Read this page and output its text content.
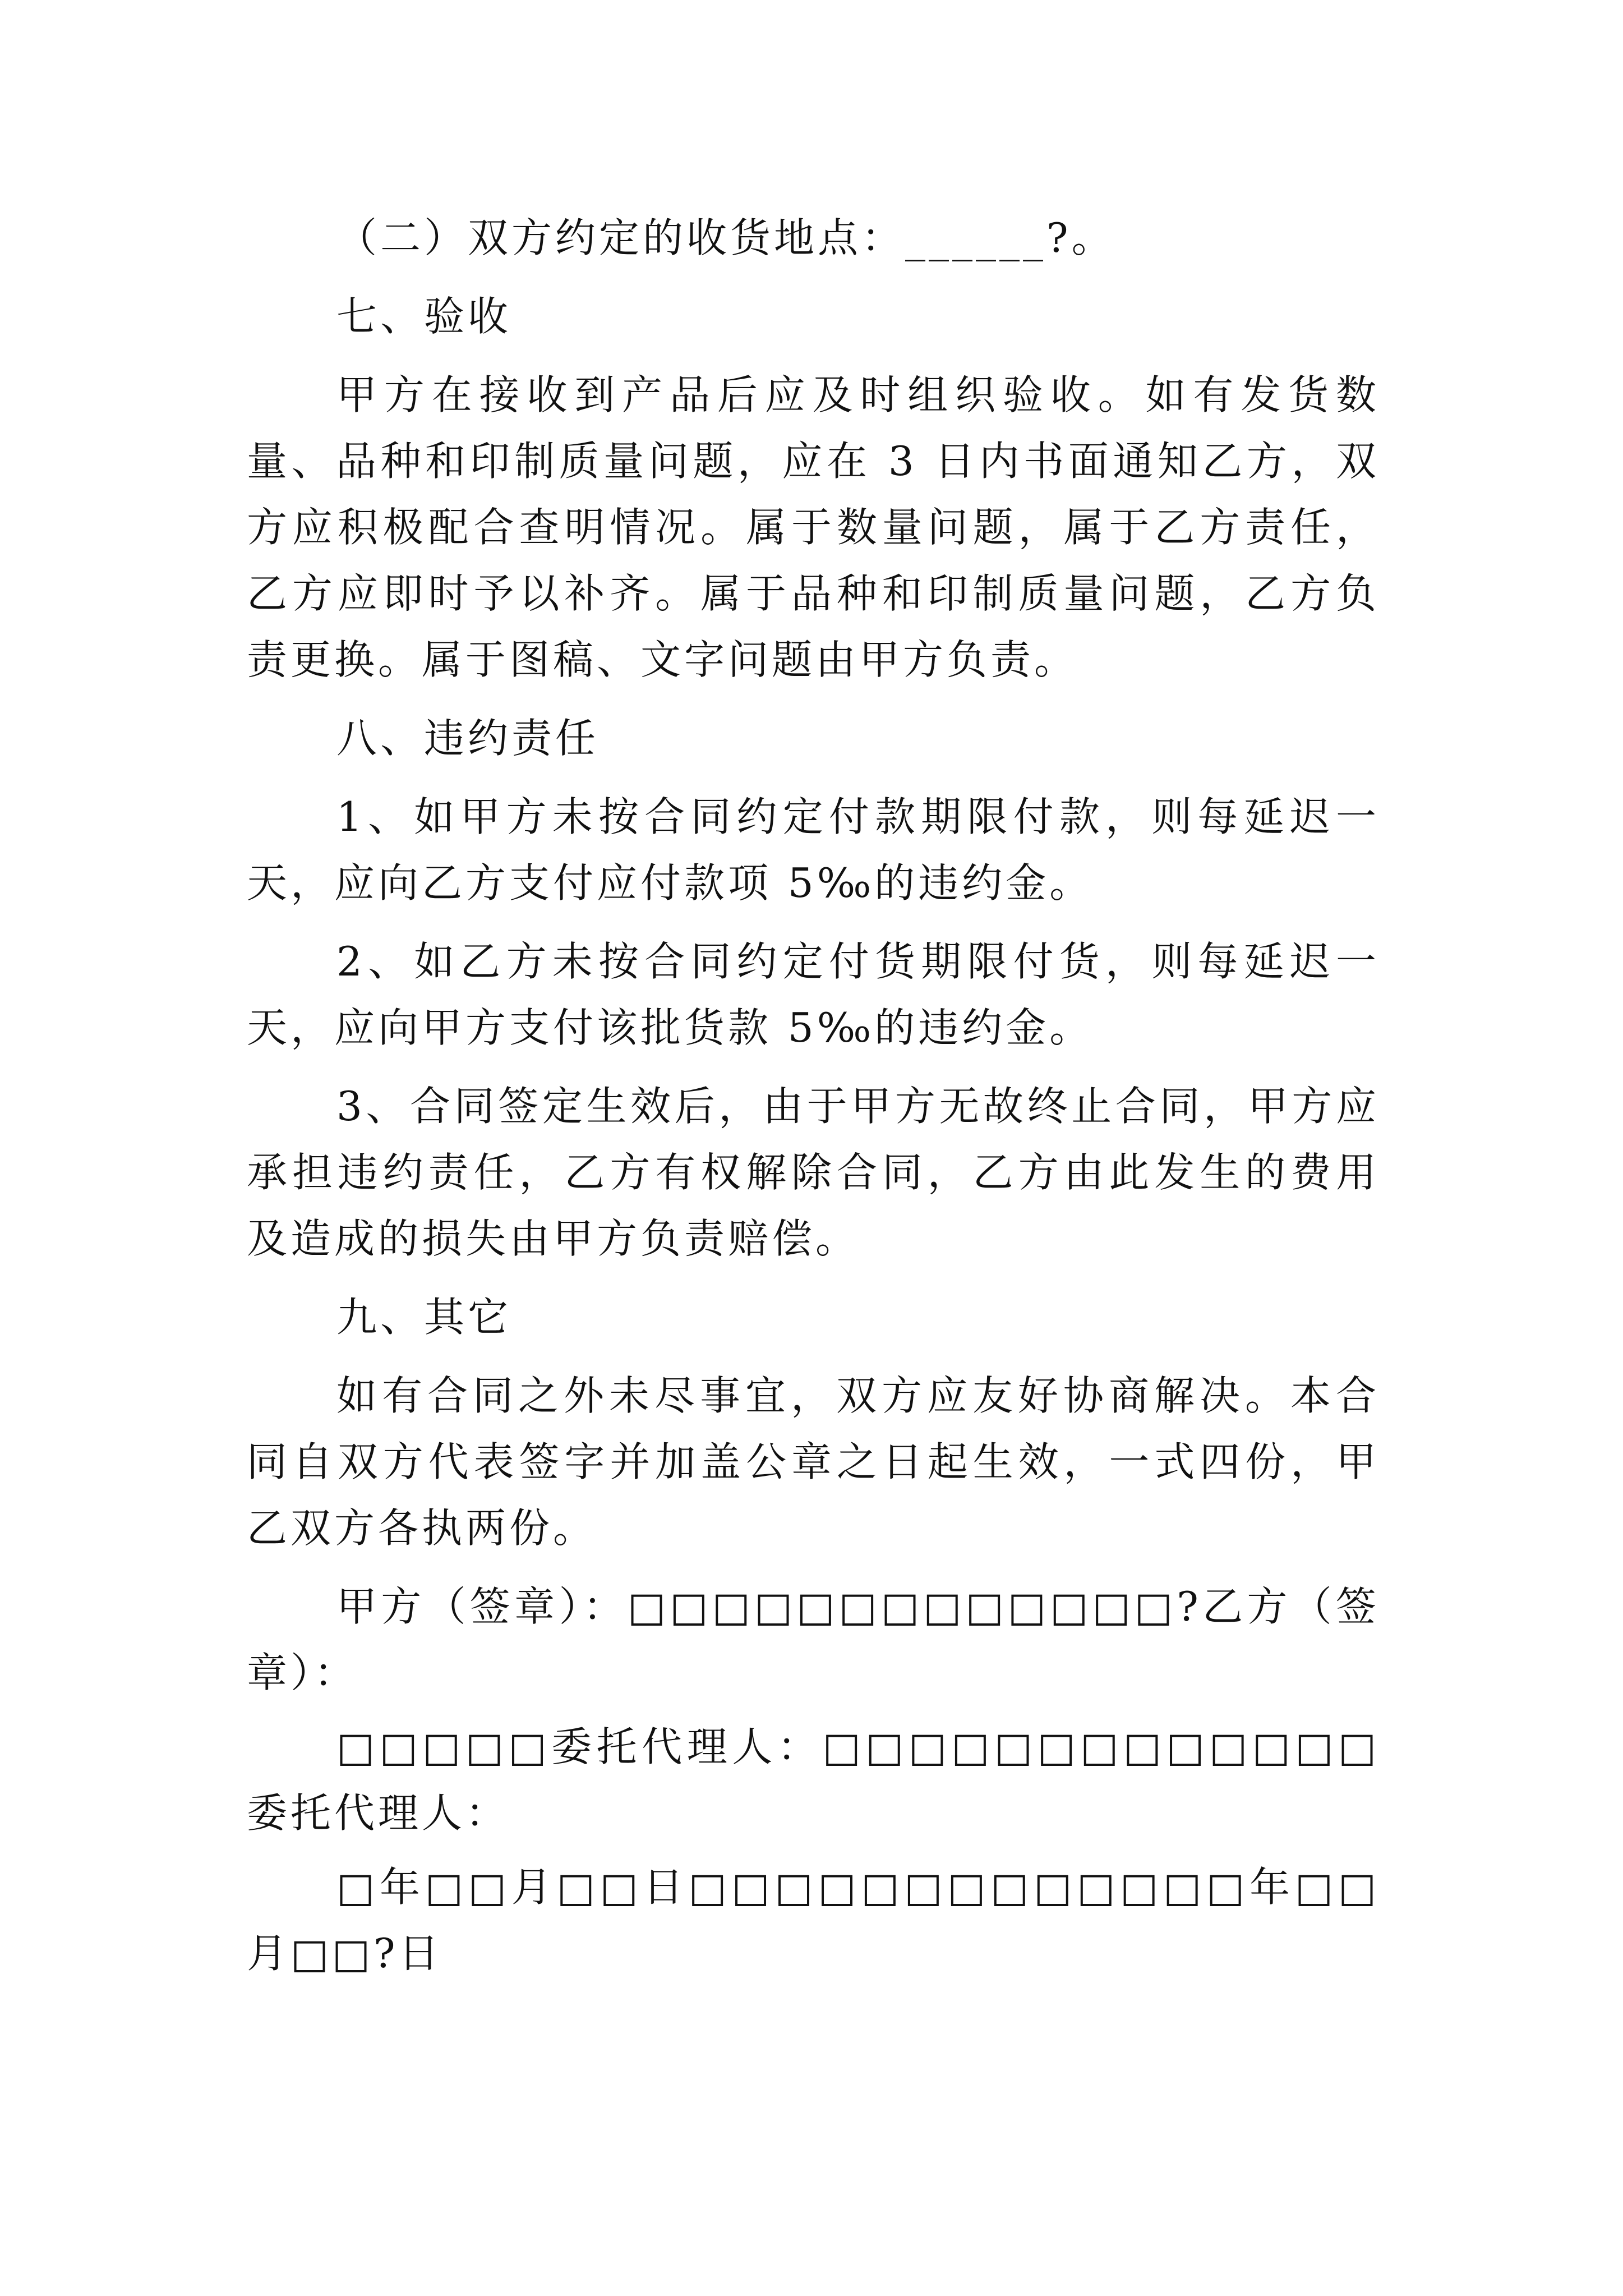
（二）双方约定的收货地点：______?。

七、验收

甲方在接收到产品后应及时组织验收。如有发货数量、品种和印制质量问题，应在 3 日内书面通知乙方，双方应积极配合查明情况。属于数量问题，属于乙方责任，乙方应即时予以补齐。属于品种和印制质量问题，乙方负责更换。属于图稿、文字问题由甲方负责。

八、违约责任

1、如甲方未按合同约定付款期限付款，则每延迟一天，应向乙方支付应付款项 5‰的违约金。

2、如乙方未按合同约定付货期限付货，则每延迟一天，应向甲方支付该批货款 5‰的违约金。

3、合同签定生效后，由于甲方无故终止合同，甲方应承担违约责任，乙方有权解除合同，乙方由此发生的费用及造成的损失由甲方负责赔偿。

九、其它

如有合同之外未尽事宜，双方应友好协商解决。本合同自双方代表签字并加盖公章之日起生效，一式四份，甲乙双方各执两份。

甲方（签章）：□□□□□□□□□□□□□?乙方（签章）：

□□□□□委托代理人：□□□□□□□□□□□□□委托代理人：

□年□□月□□日□□□□□□□□□□□□□年□□月□□?日
